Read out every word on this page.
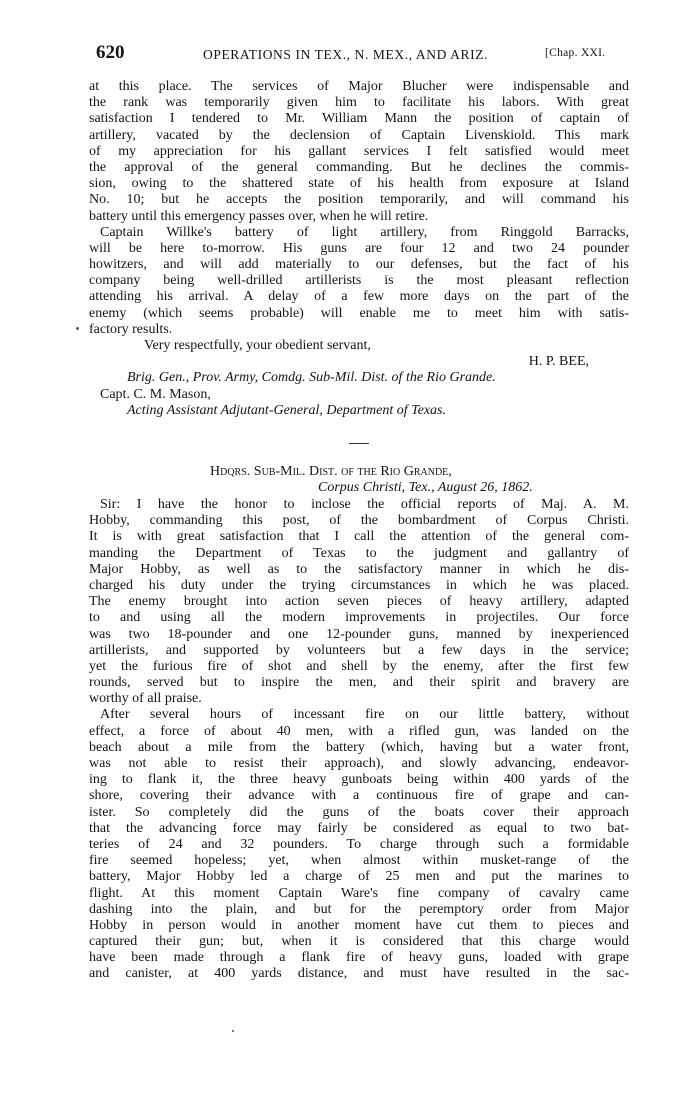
620	OPERATIONS IN TEX., N. MEX., AND ARIZ.	[Chap. XXI.
at this place. The services of Major Blucher were indispensable and
the rank was temporarily given him to facilitate his labors. With great
satisfaction I tendered to Mr. William Mann the position of captain of
artillery, vacated by the declension of Captain Livenskiold. This mark
of my appreciation for his gallant services I felt satisfied would meet
the approval of the general commanding. But he declines the commis-
sion, owing to the shattered state of his health from exposure at Island
No. 10; but he accepts the position temporarily, and will command his
battery until this emergency passes over, when he will retire.
Captain Willke's battery of light artillery, from Ringgold Barracks,
will be here to-morrow. His guns are four 12 and two 24 pounder
howitzers, and will add materially to our defenses, but the fact of his
company being well-drilled artillerists is the most pleasant reflection
attending his arrival. A delay of a few more days on the part of the
enemy (which seems probable) will enable me to meet him with satis-
factory results.
Very respectfully, your obedient servant,
H. P. BEE,
Brig. Gen., Prov. Army, Comdg. Sub-Mil. Dist. of the Rio Grande.
Capt. C. M. Mason,
Acting Assistant Adjutant-General, Department of Texas.
Hdqrs. Sub-Mil. Dist. of the Rio Grande,
Corpus Christi, Tex., August 26, 1862.
Sir: I have the honor to inclose the official reports of Maj. A. M.
Hobby, commanding this post, of the bombardment of Corpus Christi.
It is with great satisfaction that I call the attention of the general com-
manding the Department of Texas to the judgment and gallantry of
Major Hobby, as well as to the satisfactory manner in which he dis-
charged his duty under the trying circumstances in which he was placed.
The enemy brought into action seven pieces of heavy artillery, adapted
to and using all the modern improvements in projectiles. Our force
was two 18-pounder and one 12-pounder guns, manned by inexperienced
artillerists, and supported by volunteers but a few days in the service;
yet the furious fire of shot and shell by the enemy, after the first few
rounds, served but to inspire the men, and their spirit and bravery are
worthy of all praise.
After several hours of incessant fire on our little battery, without
effect, a force of about 40 men, with a rifled gun, was landed on the
beach about a mile from the battery (which, having but a water front,
was not able to resist their approach), and slowly advancing, endeavor-
ing to flank it, the three heavy gunboats being within 400 yards of the
shore, covering their advance with a continuous fire of grape and can-
ister. So completely did the guns of the boats cover their approach
that the advancing force may fairly be considered as equal to two bat-
teries of 24 and 32 pounders. To charge through such a formidable
fire seemed hopeless; yet, when almost within musket-range of the
battery, Major Hobby led a charge of 25 men and put the marines to
flight. At this moment Captain Ware's fine company of cavalry came
dashing into the plain, and but for the peremptory order from Major
Hobby in person would in another moment have cut them to pieces and
captured their gun; but, when it is considered that this charge would
have been made through a flank fire of heavy guns, loaded with grape
and canister, at 400 yards distance, and must have resulted in the sac-
